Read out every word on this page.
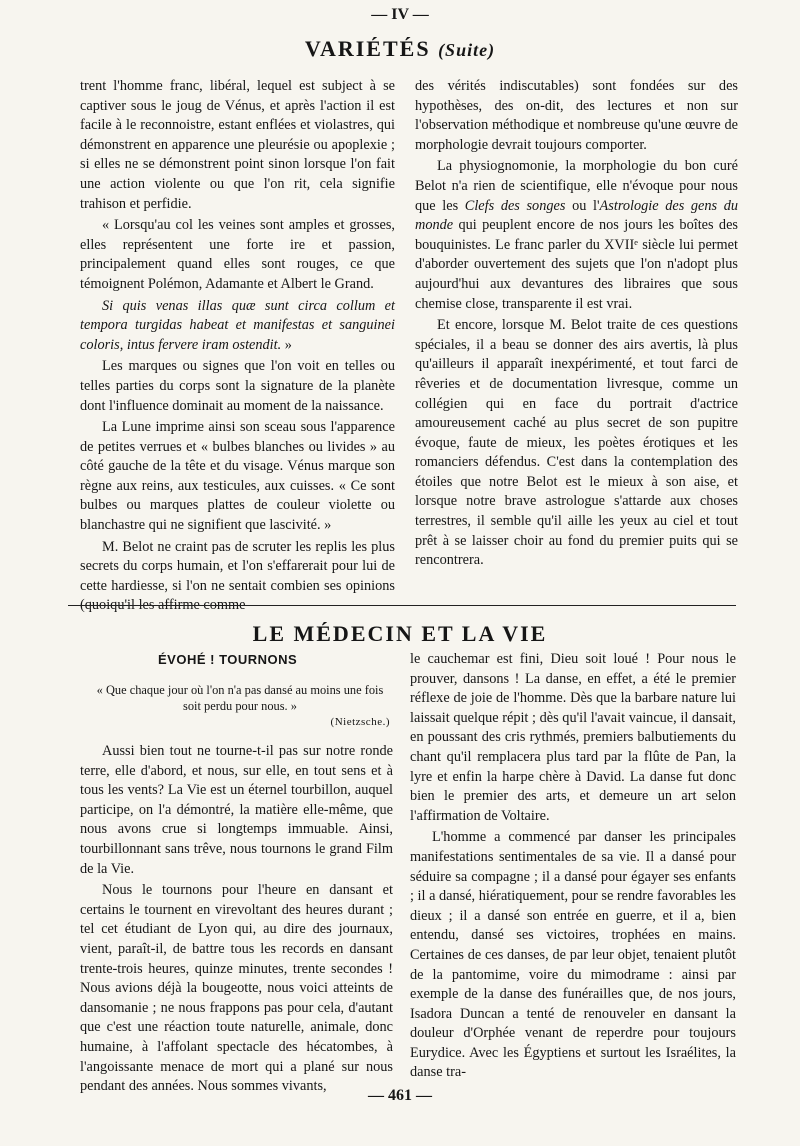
— IV —
VARIÉTÉS (Suite)

trent l'homme franc, libéral, lequel est subject à se captiver sous le joug de Vénus, et après l'action il est facile à le reconnoistre, estant enflées et violastres, qui démonstrent en apparence une pleurésie ou apoplexie ; si elles ne se démonstrent point sinon lorsque l'on fait une action violente ou que l'on rit, cela signifie trahison et perfidie.

« Lorsqu'au col les veines sont amples et grosses, elles représentent une forte ire et passion, principalement quand elles sont rouges, ce que témoignent Polémon, Adamante et Albert le Grand.

Si quis venas illas quæ sunt circa collum et tempora turgidas habeat et manifestas et sanguinei coloris, intus fervere iram ostendit. »

Les marques ou signes que l'on voit en telles ou telles parties du corps sont la signature de la planète dont l'influence dominait au moment de la naissance.

La Lune imprime ainsi son sceau sous l'apparence de petites verrues et « bulbes blanches ou livides » au côté gauche de la tête et du visage. Vénus marque son règne aux reins, aux testicules, aux cuisses. « Ce sont bulbes ou marques plattes de couleur violette ou blanchastre qui ne signifient que lascivité. »

M. Belot ne craint pas de scruter les replis les plus secrets du corps humain, et l'on s'effarerait pour lui de cette hardiesse, si l'on ne sentait combien ses opinions (quoiqu'il les affirme comme

des vérités indiscutables) sont fondées sur des hypothèses, des on-dit, des lectures et non sur l'observation méthodique et nombreuse qu'une œuvre de morphologie devrait toujours comporter.

La physiognomonie, la morphologie du bon curé Belot n'a rien de scientifique, elle n'évoque pour nous que les Clefs des songes ou l'Astrologie des gens du monde qui peuplent encore de nos jours les boîtes des bouquinistes. Le franc parler du XVIIᵉ siècle lui permet d'aborder ouvertement des sujets que l'on n'adopt plus aujourd'hui aux devantures des libraires que sous chemise close, transparente il est vrai.

Et encore, lorsque M. Belot traite de ces questions spéciales, il a beau se donner des airs avertis, là plus qu'ailleurs il apparaît inexpérimenté, et tout farci de rêveries et de documentation livresque, comme un collégien qui en face du portrait d'actrice amoureusement caché au plus secret de son pupitre évoque, faute de mieux, les poètes érotiques et les romanciers défendus. C'est dans la contemplation des étoiles que notre Belot est le mieux à son aise, et lorsque notre brave astrologue s'attarde aux choses terrestres, il semble qu'il aille les yeux au ciel et tout prêt à se laisser choir au fond du premier puits qui se rencontrera.

LE MÉDECIN ET LA VIE
ÉVOHÉ ! TOURNONS
« Que chaque jour où l'on n'a pas dansé au moins une fois soit perdu pour nous. »
(Nietzsche.)

Aussi bien tout ne tourne-t-il pas sur notre ronde terre, elle d'abord, et nous, sur elle, en tout sens et à tous les vents? La Vie est un éternel tourbillon, auquel participe, on l'a démontré, la matière elle-même, que nous avons crue si longtemps immuable. Ainsi, tourbillonnant sans trêve, nous tournons le grand Film de la Vie.

Nous le tournons pour l'heure en dansant et certains le tournent en virevoltant des heures durant ; tel cet étudiant de Lyon qui, au dire des journaux, vient, paraît-il, de battre tous les records en dansant trente-trois heures, quinze minutes, trente secondes ! Nous avions déjà la bougeotte, nous voici atteints de dansomanie ; ne nous frappons pas pour cela, d'autant que c'est une réaction toute naturelle, animale, donc humaine, à l'affolant spectacle des hécatombes, à l'angoissante menace de mort qui a plané sur nous pendant des années. Nous sommes vivants,

le cauchemar est fini, Dieu soit loué ! Pour nous le prouver, dansons ! La danse, en effet, a été le premier réflexe de joie de l'homme. Dès que la barbare nature lui laissait quelque répit ; dès qu'il l'avait vaincue, il dansait, en poussant des cris rythmés, premiers balbutiements du chant qu'il remplacera plus tard par la flûte de Pan, la lyre et enfin la harpe chère à David. La danse fut donc bien le premier des arts, et demeure un art selon l'affirmation de Voltaire.

L'homme a commencé par danser les principales manifestations sentimentales de sa vie. Il a dansé pour séduire sa compagne ; il a dansé pour égayer ses enfants ; il a dansé, hiératiquement, pour se rendre favorables les dieux ; il a dansé son entrée en guerre, et il a, bien entendu, dansé ses victoires, trophées en mains. Certaines de ces danses, de par leur objet, tenaient plutôt de la pantomime, voire du mimodrame : ainsi par exemple de la danse des funérailles que, de nos jours, Isadora Duncan a tenté de renouveler en dansant la douleur d'Orphée venant de reperdre pour toujours Eurydice. Avec les Égyptiens et surtout les Israélites, la danse tra-

— 461 —
